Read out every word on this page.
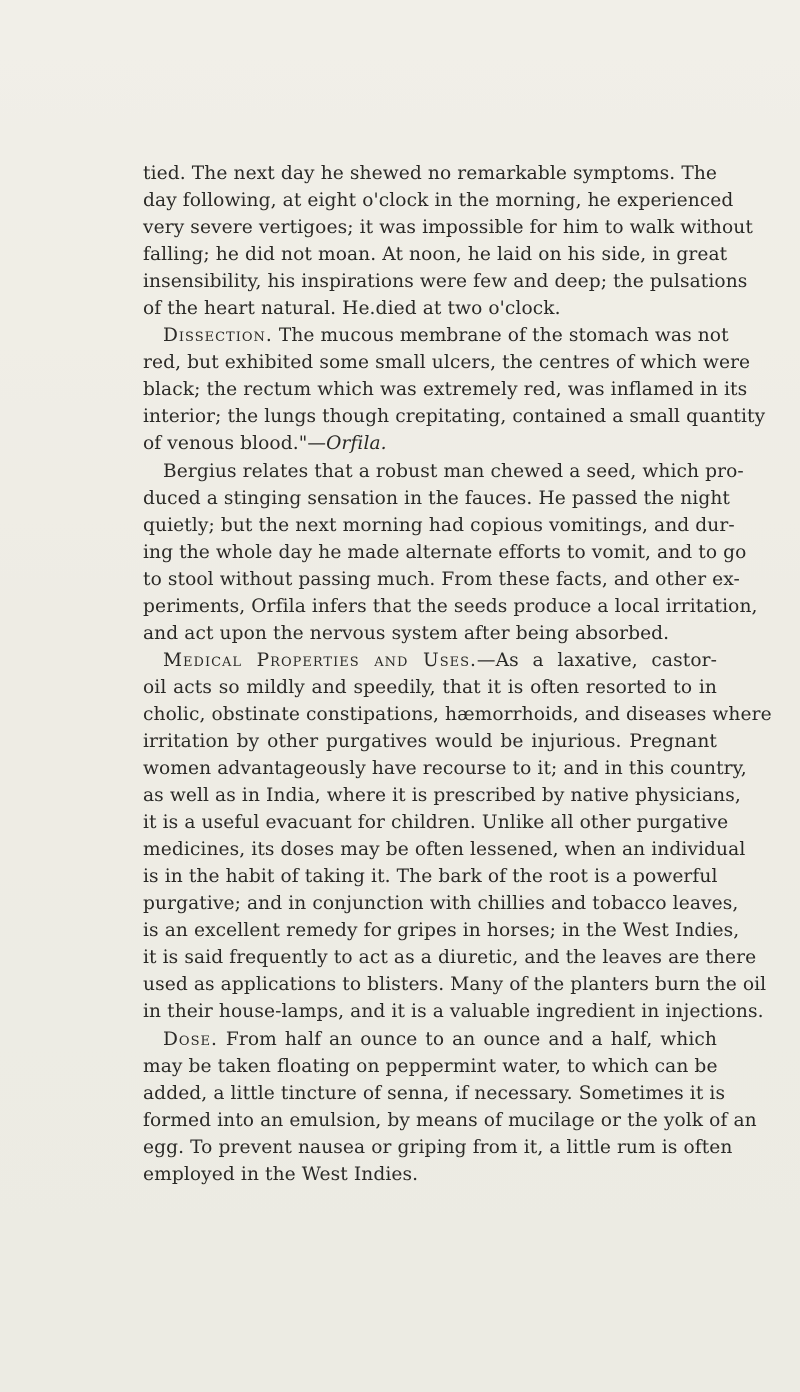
tied. The next day he shewed no remarkable symptoms. The
day following, at eight o'clock in the morning, he experienced
very severe vertigoes; it was impossible for him to walk without
falling; he did not moan. At noon, he laid on his side, in great
insensibility, his inspirations were few and deep; the pulsations
of the heart natural. He.died at two o'clock.
Dissection. The mucous membrane of the stomach was not
red, but exhibited some small ulcers, the centres of which were
black; the rectum which was extremely red, was inflamed in its
interior; the lungs though crepitating, contained a small quantity
of venous blood."—Orfila.
Bergius relates that a robust man chewed a seed, which pro-
duced a stinging sensation in the fauces. He passed the night
quietly; but the next morning had copious vomitings, and dur-
ing the whole day he made alternate efforts to vomit, and to go
to stool without passing much. From these facts, and other ex-
periments, Orfila infers that the seeds produce a local irritation,
and act upon the nervous system after being absorbed.
Medical Properties and Uses.—As a laxative, castor-
oil acts so mildly and speedily, that it is often resorted to in
cholic, obstinate constipations, hæmorrhoids, and diseases where
irritation by other purgatives would be injurious. Pregnant
women advantageously have recourse to it; and in this country,
as well as in India, where it is prescribed by native physicians,
it is a useful evacuant for children. Unlike all other purgative
medicines, its doses may be often lessened, when an individual
is in the habit of taking it. The bark of the root is a powerful
purgative; and in conjunction with chillies and tobacco leaves,
is an excellent remedy for gripes in horses; in the West Indies,
it is said frequently to act as a diuretic, and the leaves are there
used as applications to blisters. Many of the planters burn the oil
in their house-lamps, and it is a valuable ingredient in injections.
Dose. From half an ounce to an ounce and a half, which
may be taken floating on peppermint water, to which can be
added, a little tincture of senna, if necessary. Sometimes it is
formed into an emulsion, by means of mucilage or the yolk of an
egg. To prevent nausea or griping from it, a little rum is often
employed in the West Indies.
